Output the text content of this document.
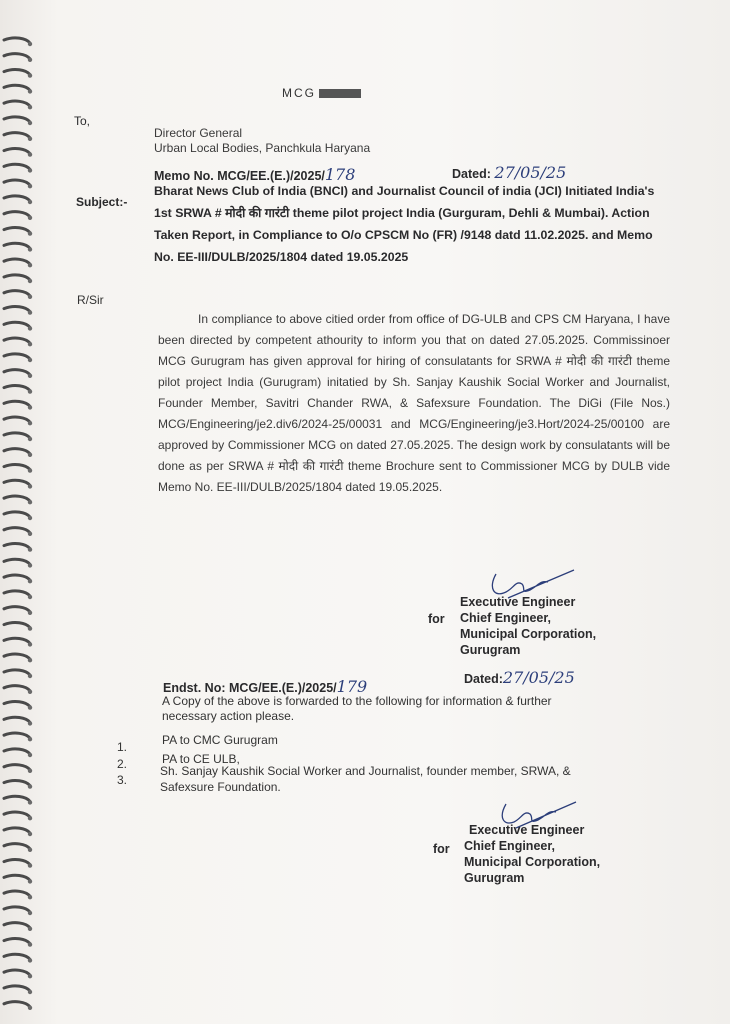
MCG
To,
Director General
Urban Local Bodies, Panchkula Haryana
Memo No. MCG/EE.(E.)/2025/178	Dated: 27/05/25
Subject:-
Bharat News Club of India (BNCI) and Journalist Council of india (JCI) Initiated India's 1st SRWA # मोदी की गारंटी theme pilot project India (Gurguram, Dehli & Mumbai). Action Taken Report, in Compliance to O/o CPSCM No (FR) /9148 datd 11.02.2025. and Memo No. EE-III/DULB/2025/1804 dated 19.05.2025
R/Sir
In compliance to above citied order from office of DG-ULB and CPS CM Haryana, I have been directed by competent athourity to inform you that on dated 27.05.2025. Commissinoer MCG Gurugram has given approval for hiring of consulatants for SRWA # मोदी की गारंटी theme pilot project India (Gurugram) initatied by Sh. Sanjay Kaushik Social Worker and Journalist, Founder Member, Savitri Chander RWA, & Safexsure Foundation. The DiGi (File Nos.) MCG/Engineering/je2.div6/2024-25/00031 and MCG/Engineering/je3.Hort/2024-25/00100 are approved by Commissioner MCG on dated 27.05.2025. The design work by consulatants will be done as per SRWA # मोदी की गारंटी theme Brochure sent to Commissioner MCG by DULB vide Memo No. EE-III/DULB/2025/1804 dated 19.05.2025.
for
Executive Engineer
Chief Engineer,
Municipal Corporation,
Gurugram
Endst. No: MCG/EE.(E.)/2025/179	Dated:27/05/25
A Copy of the above is forwarded to the following for information & further
necessary action please.
1.	PA to CMC Gurugram
2.	PA to CE ULB,
3.
Sh. Sanjay Kaushik Social Worker and Journalist, founder member, SRWA, &
Safexsure Foundation.
for
Executive Engineer
Chief Engineer,
Municipal Corporation,
Gurugram
